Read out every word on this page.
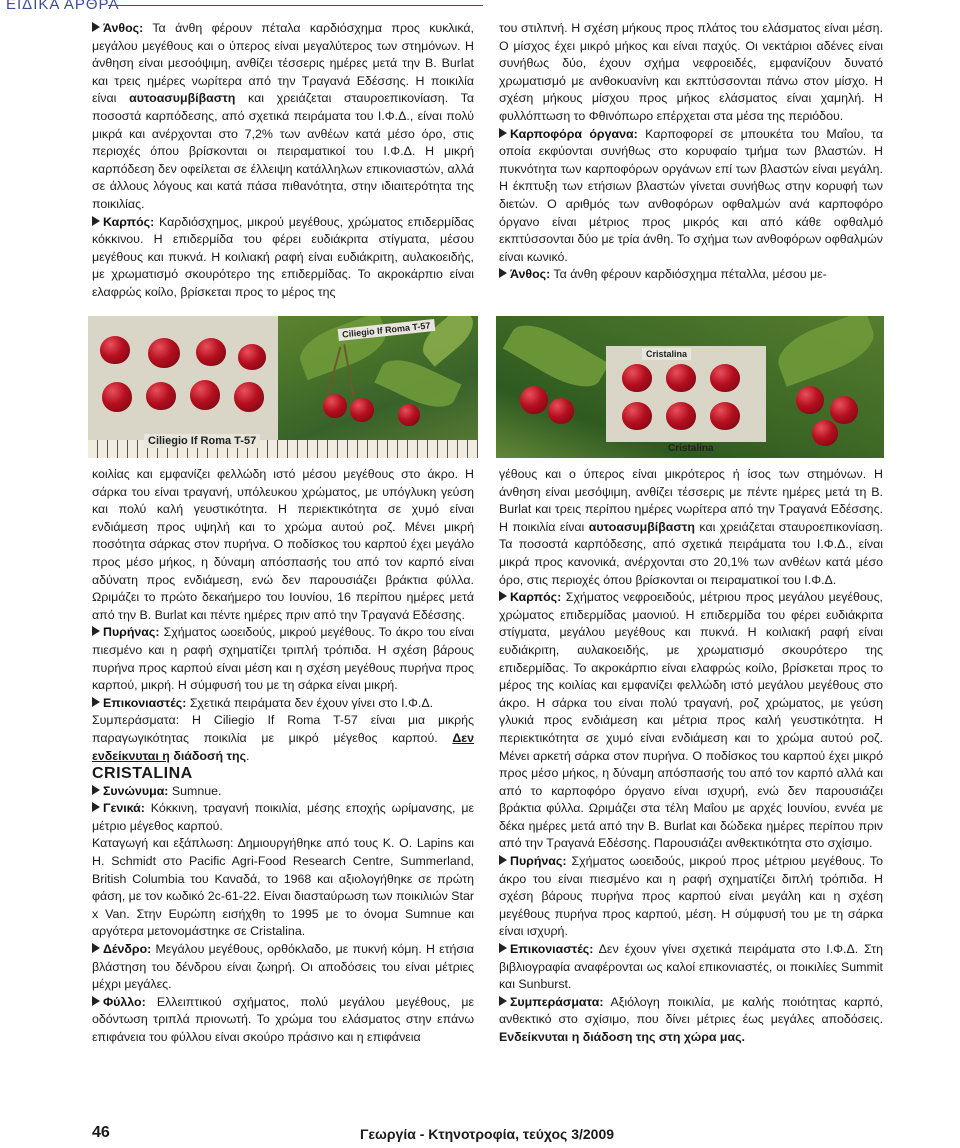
ΕΙΔΙΚΑ ΑΡΘΡΑ

Άνθος: Τα άνθη φέρουν πέταλα καρδιόσχημα προς κυκλικά, μεγάλου μεγέθους και ο ύπερος είναι μεγαλύτερος των στημόνων. Η άνθηση είναι μεσοόψιμη, ανθίζει τέσσερις ημέρες μετά την Β. Burlat και τρεις ημέρες νωρίτερα από την Τραγανά Εδέσσης. Η ποικιλία είναι αυτοασυμβίβαστη και χρειάζεται σταυροεπικονίαση. Τα ποσοστά καρπόδεσης, από σχετικά πειράματα του Ι.Φ.Δ., είναι πολύ μικρά και ανέρχονται στο 7,2% των ανθέων κατά μέσο όρο, στις περιοχές όπου βρίσκονται οι πειραματικοί του Ι.Φ.Δ. Η μικρή καρπόδεση δεν οφείλεται σε έλλειψη κατάλληλων επικονιαστών, αλλά σε άλλους λόγους και κατά πάσα πιθανότητα, στην ιδιαιτερότητα της ποικιλίας.

Καρπός: Καρδιόσχημος, μικρού μεγέθους, χρώματος επιδερμίδας κόκκινου. Η επιδερμίδα του φέρει ευδιάκριτα στίγματα, μέσου μεγέθους και πυκνά. Η κοιλιακή ραφή είναι ευδιάκριτη, αυλακοειδής, με χρωματισμό σκουρότερο της επιδερμίδας. Το ακροκάρπιο είναι ελαφρώς κοίλο, βρίσκεται προς το μέρος της

του στιλπνή. Η σχέση μήκους προς πλάτος του ελάσματος είναι μέση. Ο μίσχος έχει μικρό μήκος και είναι παχύς. Οι νεκτάριοι αδένες είναι συνήθως δύο, έχουν σχήμα νεφροειδές, εμφανίζουν δυνατό χρωματισμό με ανθοκυανίνη και εκπτύσσονται πάνω στον μίσχο. Η σχέση μήκους μίσχου προς μήκος ελάσματος είναι χαμηλή. Η φυλλόπτωση το Φθινόπωρο επέρχεται στα μέσα της περιόδου.

Καρποφόρα όργανα: Καρποφορεί σε μπουκέτα του Μαΐου, τα οποία εκφύονται συνήθως στο κορυφαίο τμήμα των βλαστών. Η πυκνότητα των καρποφόρων οργάνων επί των βλαστών είναι μεγάλη. Η έκπτυξη των ετήσιων βλαστών γίνεται συνήθως στην κορυφή των διετών. Ο αριθμός των ανθοφόρων οφθαλμών ανά καρποφόρο όργανο είναι μέτριος προς μικρός και από κάθε οφθαλμό εκπτύσσονται δύο με τρία άνθη. Το σχήμα των ανθοφόρων οφθαλμών είναι κωνικό.

Άνθος: Τα άνθη φέρουν καρδιόσχημα πέταλλα, μέσου με-

Ciliegio If Roma T-57
Ciliegio If Roma T-57
Cristalina
Cristalina

κοιλίας και εμφανίζει φελλώδη ιστό μέσου μεγέθους στο άκρο. Η σάρκα του είναι τραγανή, υπόλευκου χρώματος, με υπόγλυκη γεύση και πολύ καλή γευστικότητα. Η περιεκτικότητα σε χυμό είναι ενδιάμεση προς υψηλή και το χρώμα αυτού ροζ. Μένει μικρή ποσότητα σάρκας στον πυρήνα. Ο ποδίσκος του καρπού έχει μεγάλο προς μέσο μήκος, η δύναμη απόσπασής του από τον καρπό είναι αδύνατη προς ενδιάμεση, ενώ δεν παρουσιάζει βράκτια φύλλα. Ωριμάζει το πρώτο δεκαήμερο του Ιουνίου, 16 περίπου ημέρες μετά από την Β. Burlat και πέντε ημέρες πριν από την Τραγανά Εδέσσης.

Πυρήνας: Σχήματος ωοειδούς, μικρού μεγέθους. Το άκρο του είναι πιεσμένο και η ραφή σχηματίζει τριπλή τρόπιδα. Η σχέση βάρους πυρήνα προς καρπού είναι μέση και η σχέση μεγέθους πυρήνα προς καρπού, μικρή. Η σύμφυσή του με τη σάρκα είναι μικρή.

Επικονιαστές: Σχετικά πειράματα δεν έχουν γίνει στο Ι.Φ.Δ.

Συμπεράσματα: Η Ciliegio If Roma T-57 είναι μια μικρής παραγωγικότητας ποικιλία με μικρό μέγεθος καρπού. Δεν ενδείκνυται η διάδοσή της.

CRISTALINA

Συνώνυμα: Sumnue.

Γενικά: Κόκκινη, τραγανή ποικιλία, μέσης εποχής ωρίμανσης, με μέτριο μέγεθος καρπού.

Καταγωγή και εξάπλωση: Δημιουργήθηκε από τους K. O. Lapins και H. Schmidt στο Pacific Agri-Food Research Centre, Summerland, British Columbia του Καναδά, το 1968 και αξιολογήθηκε σε πρώτη φάση, με τον κωδικό 2c-61-22. Είναι διασταύρωση των ποικιλιών Star x Van. Στην Ευρώπη εισήχθη το 1995 με το όνομα Sumnue και αργότερα μετονομάστηκε σε Cristalina.

Δένδρο: Μεγάλου μεγέθους, ορθόκλαδο, με πυκνή κόμη. Η ετήσια βλάστηση του δένδρου είναι ζωηρή. Οι αποδόσεις του είναι μέτριες μέχρι μεγάλες.

Φύλλο: Ελλειπτικού σχήματος, πολύ μεγάλου μεγέθους, με οδόντωση τριπλά πριονωτή. Το χρώμα του ελάσματος στην επάνω επιφάνεια του φύλλου είναι σκούρο πράσινο και η επιφάνεια

γέθους και ο ύπερος είναι μικρότερος ή ίσος των στημόνων. Η άνθηση είναι μεσόψιμη, ανθίζει τέσσερις με πέντε ημέρες μετά τη Β. Burlat και τρεις περίπου ημέρες νωρίτερα από την Τραγανά Εδέσσης. Η ποικιλία είναι αυτοασυμβίβαστη και χρειάζεται σταυροεπικονίαση. Τα ποσοστά καρπόδεσης, από σχετικά πειράματα του Ι.Φ.Δ., είναι μικρά προς κανονικά, ανέρχονται στο 20,1% των ανθέων κατά μέσο όρο, στις περιοχές όπου βρίσκονται οι πειραματικοί του Ι.Φ.Δ.

Καρπός: Σχήματος νεφροειδούς, μέτριου προς μεγάλου μεγέθους, χρώματος επιδερμίδας μαονιού. Η επιδερμίδα του φέρει ευδιάκριτα στίγματα, μεγάλου μεγέθους και πυκνά. Η κοιλιακή ραφή είναι ευδιάκριτη, αυλακοειδής, με χρωματισμό σκουρότερο της επιδερμίδας. Το ακροκάρπιο είναι ελαφρώς κοίλο, βρίσκεται προς το μέρος της κοιλίας και εμφανίζει φελλώδη ιστό μεγάλου μεγέθους στο άκρο. Η σάρκα του είναι πολύ τραγανή, ροζ χρώματος, με γεύση γλυκιά προς ενδιάμεση και μέτρια προς καλή γευστικότητα. Η περιεκτικότητα σε χυμό είναι ενδιάμεση και το χρώμα αυτού ροζ. Μένει αρκετή σάρκα στον πυρήνα. Ο ποδίσκος του καρπού έχει μικρό προς μέσο μήκος, η δύναμη απόσπασής του από τον καρπό αλλά και από το καρποφόρο όργανο είναι ισχυρή, ενώ δεν παρουσιάζει βράκτια φύλλα. Ωριμάζει στα τέλη Μαΐου με αρχές Ιουνίου, εννέα με δέκα ημέρες μετά από την Β. Burlat και δώδεκα ημέρες περίπου πριν από την Τραγανά Εδέσσης. Παρουσιάζει ανθεκτικότητα στο σχίσιμο.

Πυρήνας: Σχήματος ωοειδούς, μικρού προς μέτριου μεγέθους. Το άκρο του είναι πιεσμένο και η ραφή σχηματίζει διπλή τρόπιδα. Η σχέση βάρους πυρήνα προς καρπού είναι μεγάλη και η σχέση μεγέθους πυρήνα προς καρπού, μέση. Η σύμφυσή του με τη σάρκα είναι ισχυρή.

Επικονιαστές: Δεν έχουν γίνει σχετικά πειράματα στο Ι.Φ.Δ. Στη βιβλιογραφία αναφέρονται ως καλοί επικονιαστές, οι ποικιλίες Summit και Sunburst.

Συμπεράσματα: Αξιόλογη ποικιλία, με καλής ποιότητας καρπό, ανθεκτικό στο σχίσιμο, που δίνει μέτριες έως μεγάλες αποδόσεις. Ενδείκνυται η διάδοση της στη χώρα μας.

46	Γεωργία - Κτηνοτροφία, τεύχος 3/2009
